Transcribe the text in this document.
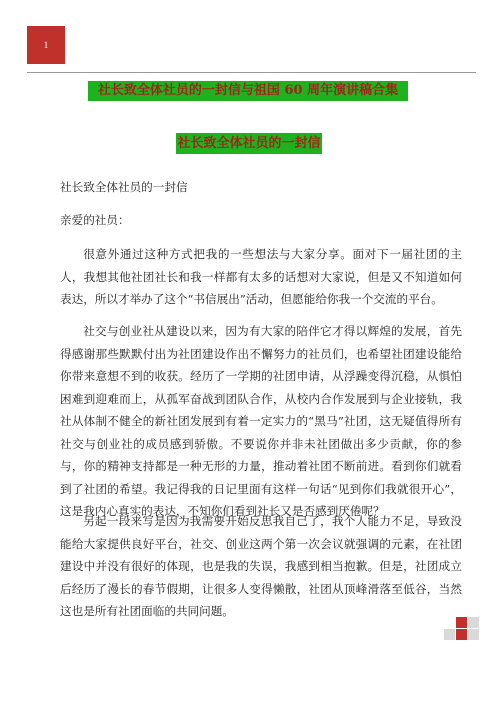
1
社长致全体社员的一封信与祖国 60 周年演讲稿合集
社长致全体社员的一封信

社长致全体社员的一封信

亲爱的社员：

很意外通过这种方式把我的一些想法与大家分享。面对下一届社团的主人，我想其他社团社长和我一样都有太多的话想对大家说，但是又不知道如何表达，所以才举办了这个“书信展出”活动，但愿能给你我一个交流的平台。

社交与创业社从建设以来，因为有大家的陪伴它才得以辉煌的发展，首先得感谢那些默默付出为社团建设作出不懈努力的社员们，也希望社团建设能给你带来意想不到的收获。经历了一学期的社团申请，从浮躁变得沉稳，从惧怕困难到迎难而上，从孤军奋战到团队合作，从校内合作发展到与企业接轨，我社从体制不健全的新社团发展到有着一定实力的“黑马”社团，这无疑值得所有社交与创业社的成员感到骄傲。不要说你并非未社团做出多少贡献，你的参与，你的精神支持都是一种无形的力量，推动着社团不断前进。看到你们就看到了社团的希望。我记得我的日记里面有这样一句话“见到你们我就很开心”，这是我内心真实的表达，不知你们看到社长又是否感到厌倦呢？

另起一段来写是因为我需要开始反思我自己了，我个人能力不足，导致没能给大家提供良好平台，社交、创业这两个第一次会议就强调的元素，在社团建设中并没有很好的体现，也是我的失误，我感到相当抱歉。但是，社团成立后经历了漫长的春节假期，让很多人变得懒散，社团从顶峰滑落至低谷，当然这也是所有社团面临的共同问题。
